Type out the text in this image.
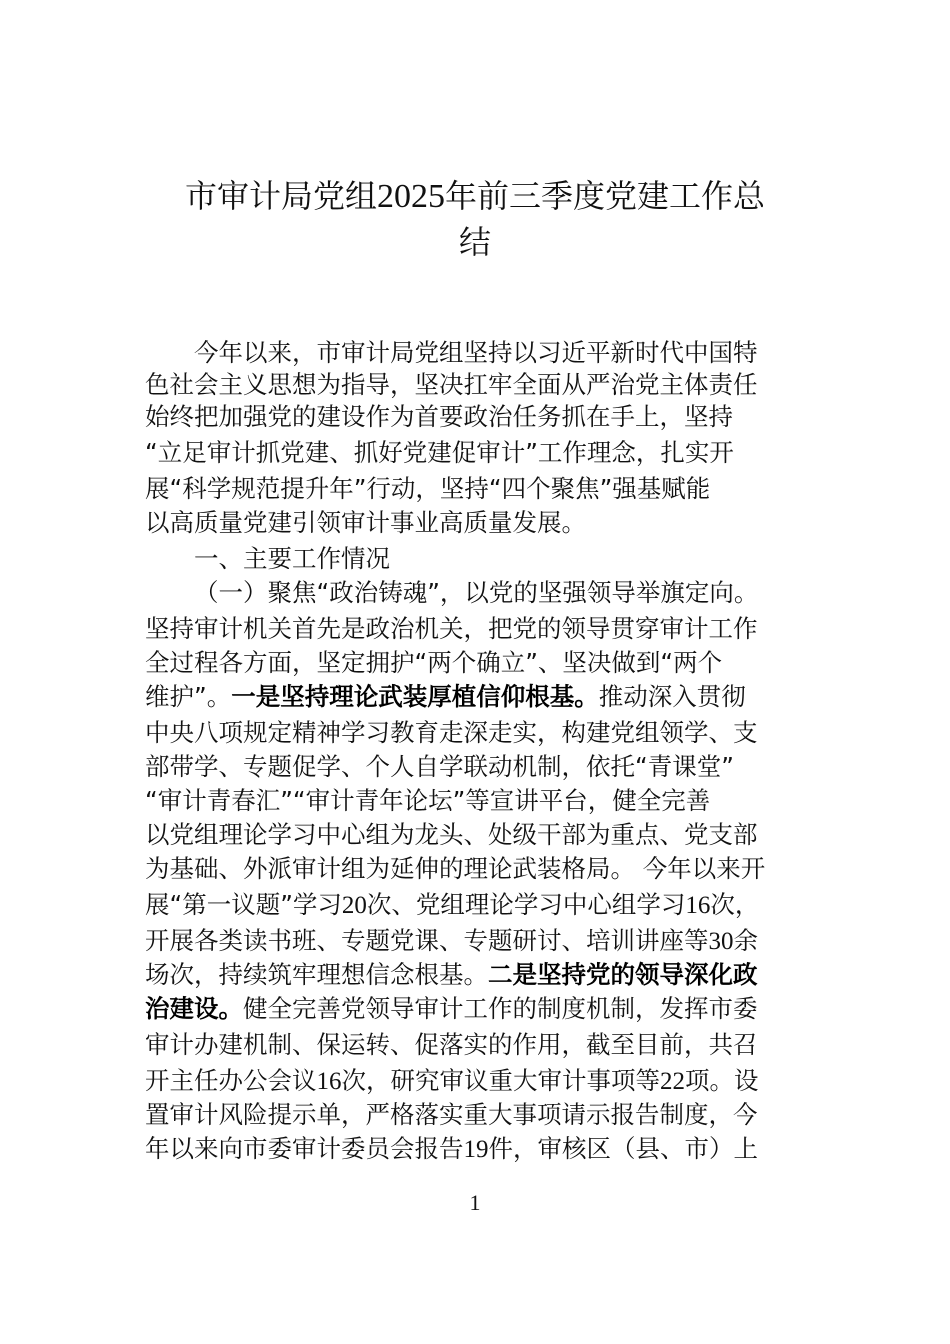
市审计局党组2025年前三季度党建工作总
结
今年以来，市审计局党组坚持以习近平新时代中国特
色社会主义思想为指导，坚决扛牢全面从严治党主体责任
始终把加强党的建设作为首要政治任务抓在手上，坚持
“立足审计抓党建、抓好党建促审计”工作理念，扎实开
展“科学规范提升年”行动，坚持“四个聚焦”强基赋能
以高质量党建引领审计事业高质量发展。
一、主要工作情况
（一）聚焦“政治铸魂”，以党的坚强领导举旗定向。
坚持审计机关首先是政治机关，把党的领导贯穿审计工作
全过程各方面，坚定拥护“两个确立”、坚决做到“两个
维护”。一是坚持理论武装厚植信仰根基。推动深入贯彻
中央八项规定精神学习教育走深走实，构建党组领学、支
部带学、专题促学、个人自学联动机制，依托“青课堂”
“审计青春汇”“审计青年论坛”等宣讲平台，健全完善
以党组理论学习中心组为龙头、处级干部为重点、党支部
为基础、外派审计组为延伸的理论武装格局。 今年以来开
展“第一议题”学习20次、党组理论学习中心组学习16次，
开展各类读书班、专题党课、专题研讨、培训讲座等30余
场次，持续筑牢理想信念根基。二是坚持党的领导深化政
治建设。健全完善党领导审计工作的制度机制，发挥市委
审计办建机制、保运转、促落实的作用，截至目前，共召
开主任办公会议16次，研究审议重大审计事项等22项。设
置审计风险提示单，严格落实重大事项请示报告制度，今
年以来向市委审计委员会报告19件，审核区（县、市）上
1
